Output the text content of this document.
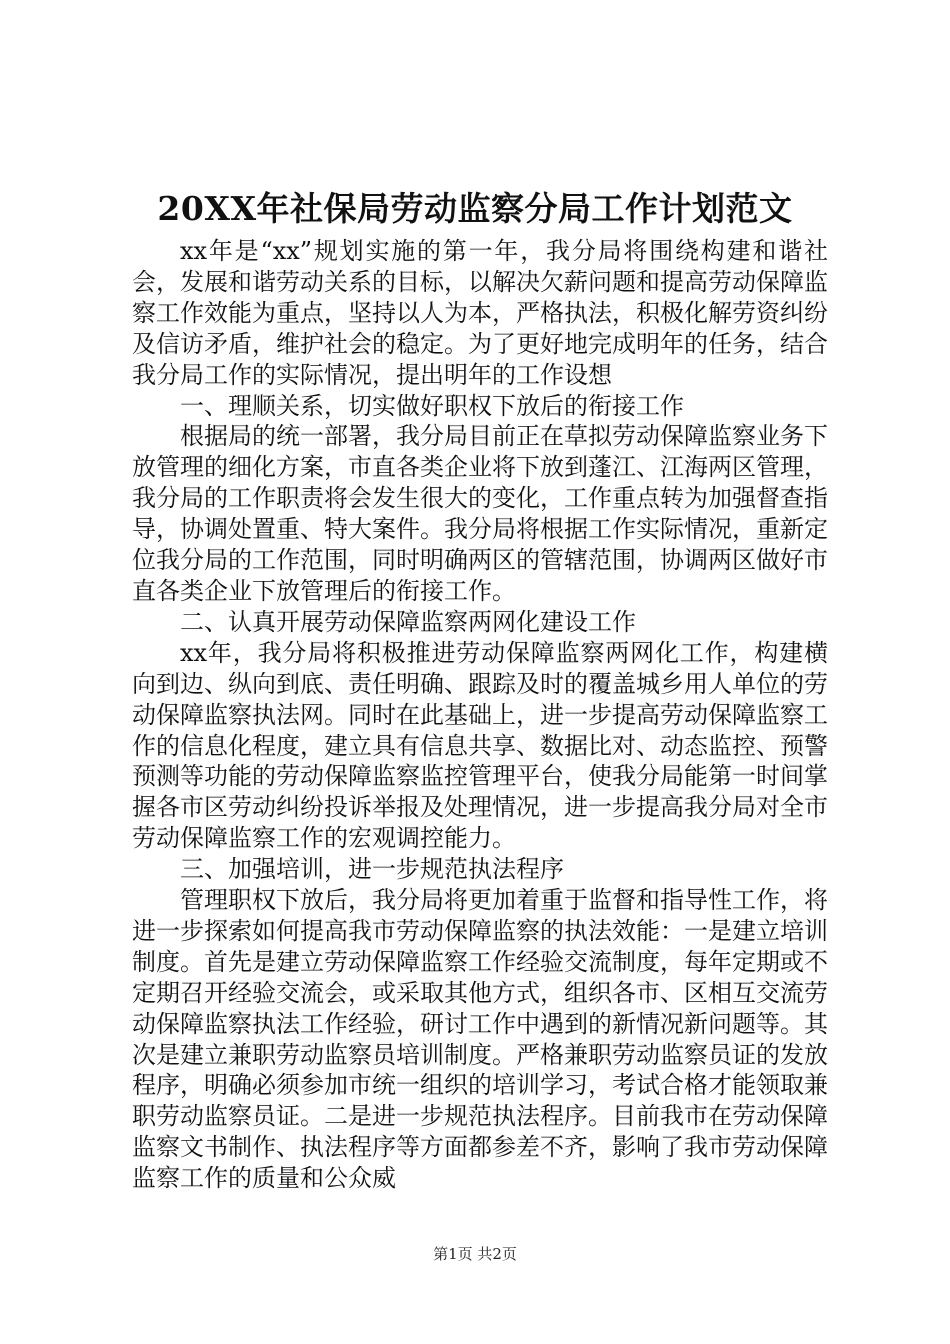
20XX年社保局劳动监察分局工作计划范文

xx年是“xx”规划实施的第一年，我分局将围绕构建和谐社会，发展和谐劳动关系的目标，以解决欠薪问题和提高劳动保障监察工作效能为重点，坚持以人为本，严格执法，积极化解劳资纠纷及信访矛盾，维护社会的稳定。为了更好地完成明年的任务，结合我分局工作的实际情况，提出明年的工作设想

一、理顺关系，切实做好职权下放后的衔接工作

根据局的统一部署，我分局目前正在草拟劳动保障监察业务下放管理的细化方案，市直各类企业将下放到蓬江、江海两区管理，我分局的工作职责将会发生很大的变化，工作重点转为加强督查指导，协调处置重、特大案件。我分局将根据工作实际情况，重新定位我分局的工作范围，同时明确两区的管辖范围，协调两区做好市直各类企业下放管理后的衔接工作。

二、认真开展劳动保障监察两网化建设工作

xx年，我分局将积极推进劳动保障监察两网化工作，构建横向到边、纵向到底、责任明确、跟踪及时的覆盖城乡用人单位的劳动保障监察执法网。同时在此基础上，进一步提高劳动保障监察工作的信息化程度，建立具有信息共享、数据比对、动态监控、预警预测等功能的劳动保障监察监控管理平台，使我分局能第一时间掌握各市区劳动纠纷投诉举报及处理情况，进一步提高我分局对全市劳动保障监察工作的宏观调控能力。

三、加强培训，进一步规范执法程序

管理职权下放后，我分局将更加着重于监督和指导性工作，将进一步探索如何提高我市劳动保障监察的执法效能：一是建立培训制度。首先是建立劳动保障监察工作经验交流制度，每年定期或不定期召开经验交流会，或采取其他方式，组织各市、区相互交流劳动保障监察执法工作经验，研讨工作中遇到的新情况新问题等。其次是建立兼职劳动监察员培训制度。严格兼职劳动监察员证的发放程序，明确必须参加市统一组织的培训学习，考试合格才能领取兼职劳动监察员证。二是进一步规范执法程序。目前我市在劳动保障监察文书制作、执法程序等方面都参差不齐，影响了我市劳动保障监察工作的质量和公众威

第1页 共2页
